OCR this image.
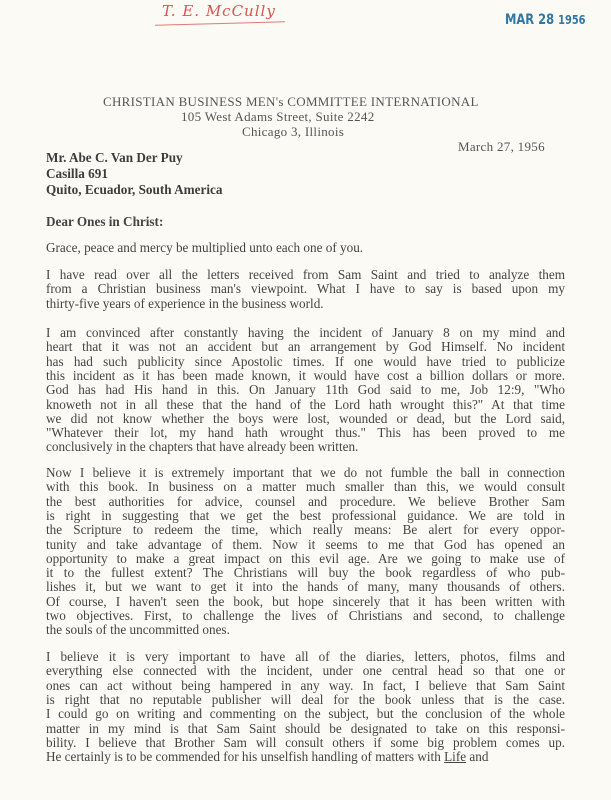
T. E. McCully	MAR 28 1956
CHRISTIAN BUSINESS MEN's COMMITTEE INTERNATIONAL
105 West Adams Street, Suite 2242
Chicago 3, Illinois
March 27, 1956
Mr. Abe C. Van Der Puy
Casilla 691
Quito, Ecuador, South America
Dear Ones in Christ:
Grace, peace and mercy be multiplied unto each one of you.
I have read over all the letters received from Sam Saint and tried to analyze them
from a Christian business man's viewpoint. What I have to say is based upon my
thirty-five years of experience in the business world.
I am convinced after constantly having the incident of January 8 on my mind and
heart that it was not an accident but an arrangement by God Himself. No incident
has had such publicity since Apostolic times. If one would have tried to publicize
this incident as it has been made known, it would have cost a billion dollars or more.
God has had His hand in this. On January 11th God said to me, Job 12:9, "Who
knoweth not in all these that the hand of the Lord hath wrought this?" At that time
we did not know whether the boys were lost, wounded or dead, but the Lord said,
"Whatever their lot, my hand hath wrought thus." This has been proved to me
conclusively in the chapters that have already been written.
Now I believe it is extremely important that we do not fumble the ball in connection
with this book. In business on a matter much smaller than this, we would consult
the best authorities for advice, counsel and procedure. We believe Brother Sam
is right in suggesting that we get the best professional guidance. We are told in
the Scripture to redeem the time, which really means: Be alert for every oppor-
tunity and take advantage of them. Now it seems to me that God has opened an
opportunity to make a great impact on this evil age. Are we going to make use of
it to the fullest extent? The Christians will buy the book regardless of who pub-
lishes it, but we want to get it into the hands of many, many thousands of others.
Of course, I haven't seen the book, but hope sincerely that it has been written with
two objectives. First, to challenge the lives of Christians and second, to challenge
the souls of the uncommitted ones.
I believe it is very important to have all of the diaries, letters, photos, films and
everything else connected with the incident, under one central head so that one or
ones can act without being hampered in any way. In fact, I believe that Sam Saint
is right that no reputable publisher will deal for the book unless that is the case.
I could go on writing and commenting on the subject, but the conclusion of the whole
matter in my mind is that Sam Saint should be designated to take on this responsi-
bility. I believe that Brother Sam will consult others if some big problem comes up.
He certainly is to be commended for his unselfish handling of matters with Life and
